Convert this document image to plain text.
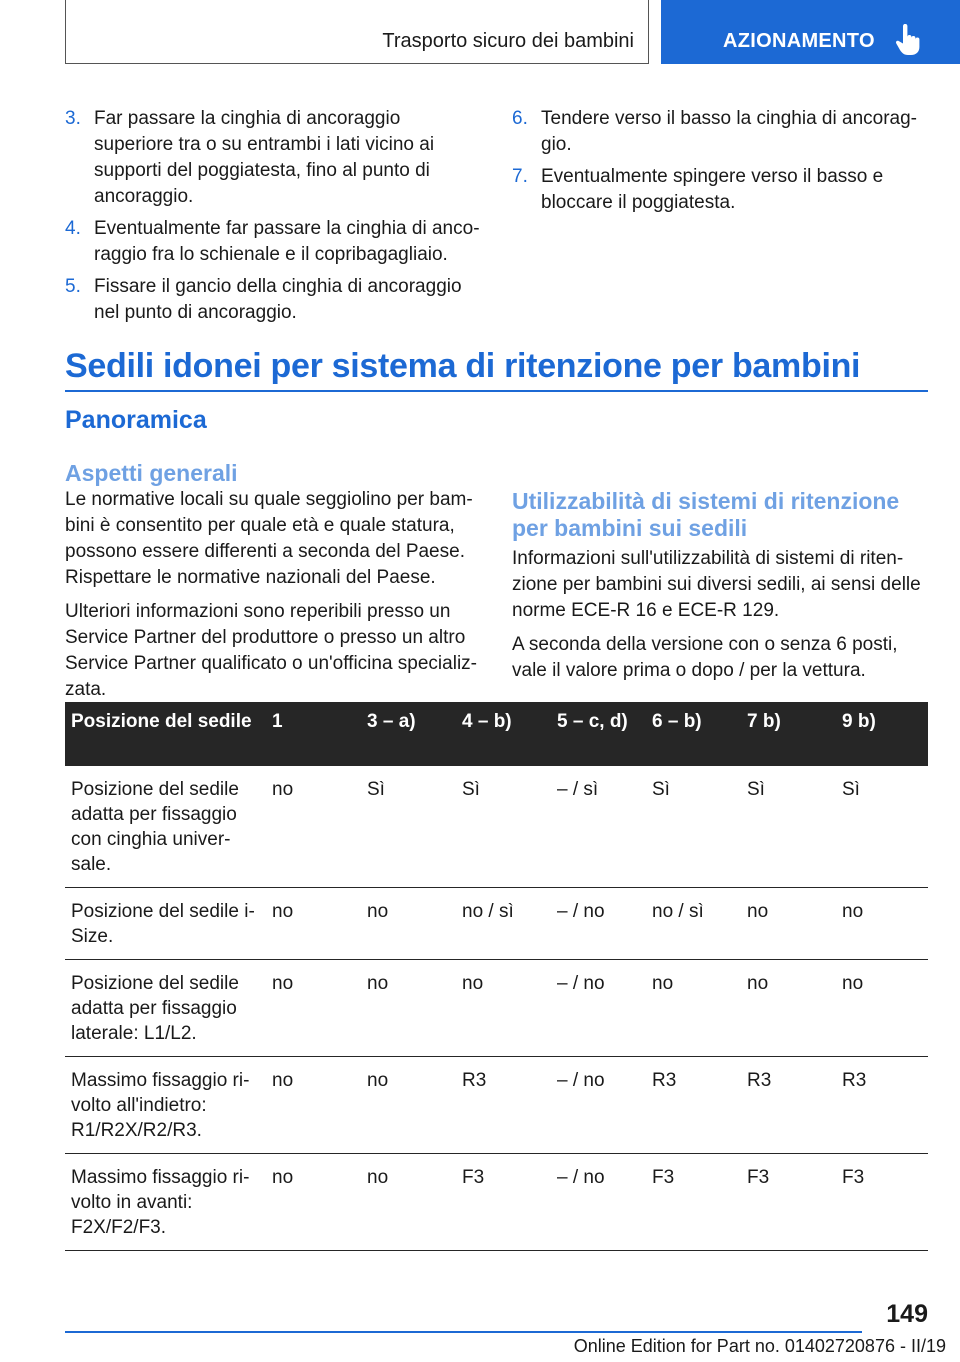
Trasporto sicuro dei bambini	AZIONAMENTO
3. Far passare la cinghia di ancoraggio superiore tra o su entrambi i lati vicino ai supporti del poggiatesta, fino al punto di ancoraggio.
4. Eventualmente far passare la cinghia di ancoraggio fra lo schienale e il copribagagliaio.
5. Fissare il gancio della cinghia di ancoraggio nel punto di ancoraggio.
6. Tendere verso il basso la cinghia di ancoraggio.
7. Eventualmente spingere verso il basso e bloccare il poggiatesta.
Sedili idonei per sistema di ritenzione per bambini
Panoramica
Aspetti generali
Le normative locali su quale seggiolino per bambini è consentito per quale età e quale statura, possono essere differenti a seconda del Paese. Rispettare le normative nazionali del Paese.
Ulteriori informazioni sono reperibili presso un Service Partner del produttore o presso un altro Service Partner qualificato o un'officina specializzata.
Utilizzabilità di sistemi di ritenzione per bambini sui sedili
Informazioni sull'utilizzabilità di sistemi di ritenzione per bambini sui diversi sedili, ai sensi delle norme ECE-R 16 e ECE-R 129.
A seconda della versione con o senza 6 posti, vale il valore prima o dopo / per la vettura.
Posizione del sedile	1	3 – a)	4 – b)	5 – c, d)	6 – b)	7 b)	9 b)
Posizione del sedile adatta per fissaggio con cinghia universale.	no	Sì	Sì	– / sì	Sì	Sì	Sì
Posizione del sedile i-Size.	no	no	no / sì	– / no	no / sì	no	no
Posizione del sedile adatta per fissaggio laterale: L1/L2.	no	no	no	– / no	no	no	no
Massimo fissaggio rivolto all'indietro: R1/R2X/R2/R3.	no	no	R3	– / no	R3	R3	R3
Massimo fissaggio rivolto in avanti: F2X/F2/F3.	no	no	F3	– / no	F3	F3	F3
149
Online Edition for Part no. 01402720876 - II/19
